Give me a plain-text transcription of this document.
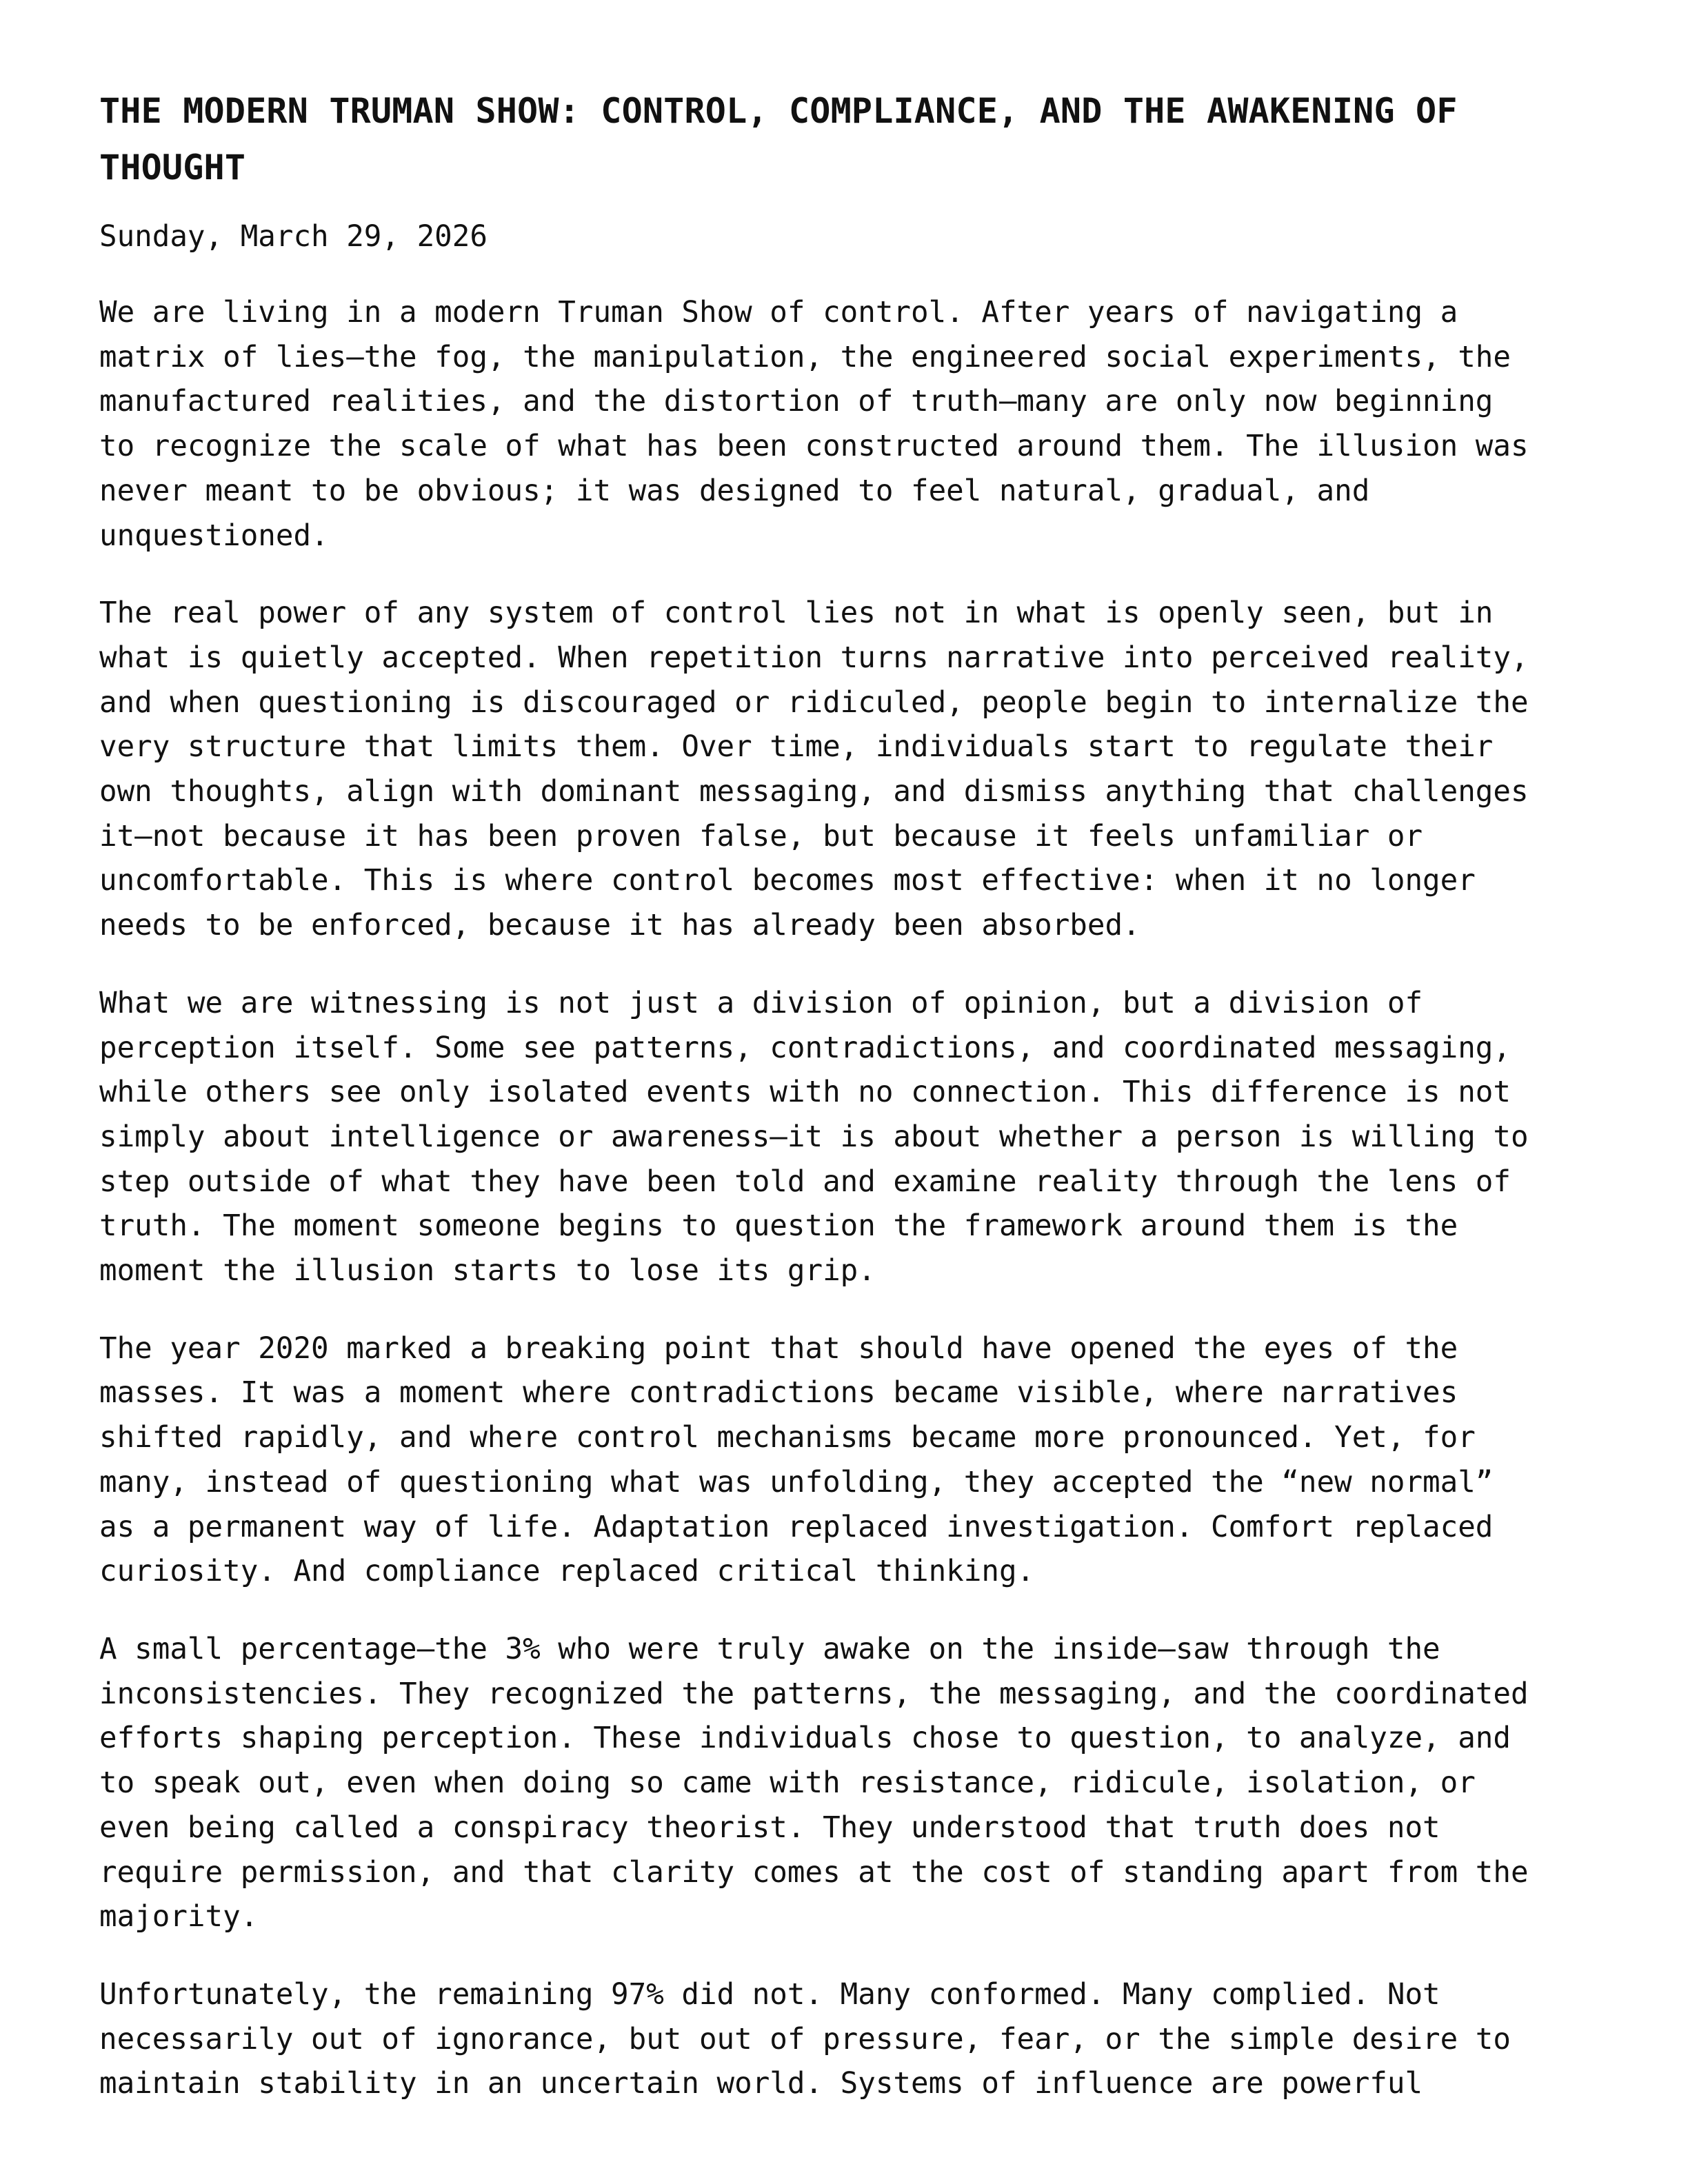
THE MODERN TRUMAN SHOW: CONTROL, COMPLIANCE, AND THE AWAKENING OF
THOUGHT

Sunday, March 29, 2026

We are living in a modern Truman Show of control. After years of navigating a
matrix of lies—the fog, the manipulation, the engineered social experiments, the
manufactured realities, and the distortion of truth—many are only now beginning
to recognize the scale of what has been constructed around them. The illusion was
never meant to be obvious; it was designed to feel natural, gradual, and
unquestioned.
The real power of any system of control lies not in what is openly seen, but in
what is quietly accepted. When repetition turns narrative into perceived reality,
and when questioning is discouraged or ridiculed, people begin to internalize the
very structure that limits them. Over time, individuals start to regulate their
own thoughts, align with dominant messaging, and dismiss anything that challenges
it—not because it has been proven false, but because it feels unfamiliar or
uncomfortable. This is where control becomes most effective: when it no longer
needs to be enforced, because it has already been absorbed.
What we are witnessing is not just a division of opinion, but a division of
perception itself. Some see patterns, contradictions, and coordinated messaging,
while others see only isolated events with no connection. This difference is not
simply about intelligence or awareness—it is about whether a person is willing to
step outside of what they have been told and examine reality through the lens of
truth. The moment someone begins to question the framework around them is the
moment the illusion starts to lose its grip.
The year 2020 marked a breaking point that should have opened the eyes of the
masses. It was a moment where contradictions became visible, where narratives
shifted rapidly, and where control mechanisms became more pronounced. Yet, for
many, instead of questioning what was unfolding, they accepted the “new normal”
as a permanent way of life. Adaptation replaced investigation. Comfort replaced
curiosity. And compliance replaced critical thinking.
A small percentage—the 3% who were truly awake on the inside—saw through the
inconsistencies. They recognized the patterns, the messaging, and the coordinated
efforts shaping perception. These individuals chose to question, to analyze, and
to speak out, even when doing so came with resistance, ridicule, isolation, or
even being called a conspiracy theorist. They understood that truth does not
require permission, and that clarity comes at the cost of standing apart from the
majority.
Unfortunately, the remaining 97% did not. Many conformed. Many complied. Not
necessarily out of ignorance, but out of pressure, fear, or the simple desire to
maintain stability in an uncertain world. Systems of influence are powerful
